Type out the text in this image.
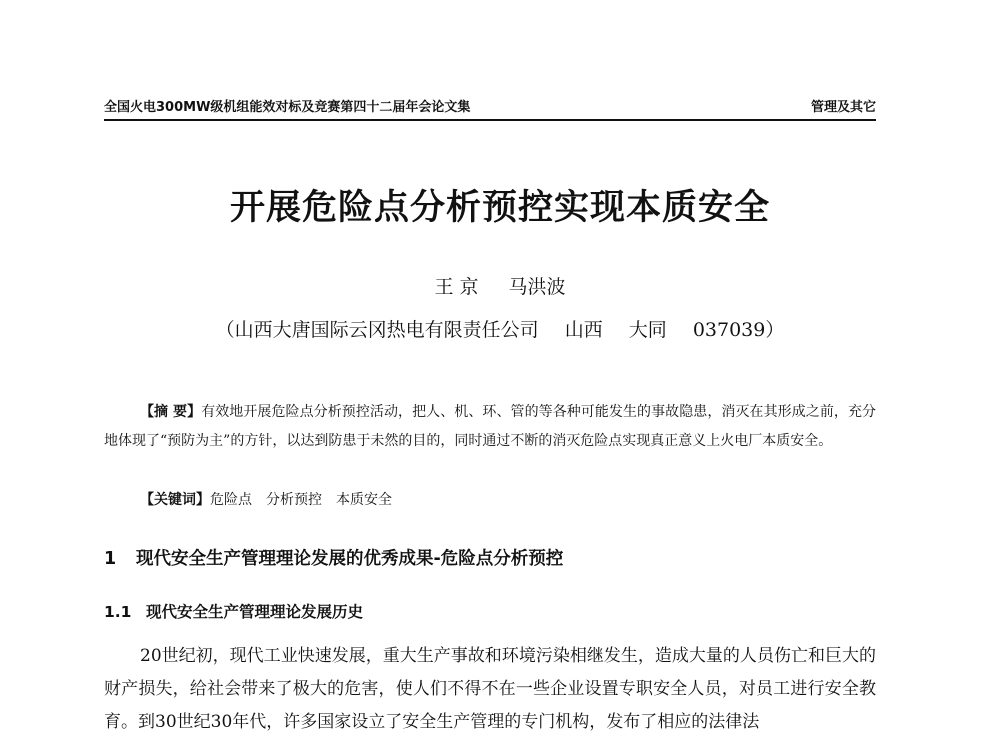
全国火电300MW级机组能效对标及竞赛第四十二届年会论文集	管理及其它
开展危险点分析预控实现本质安全
王 京 马洪波
（山西大唐国际云冈热电有限责任公司 山西 大同 037039）
【摘 要】有效地开展危险点分析预控活动，把人、机、环、管的等各种可能发生的事故隐患，消灭在其形成之前，充分地体现了“预防为主”的方针，以达到防患于未然的目的，同时通过不断的消灭危险点实现真正意义上火电厂本质安全。
【关键词】危险点 分析预控 本质安全
1 现代安全生产管理理论发展的优秀成果-危险点分析预控
1.1 现代安全生产管理理论发展历史
20世纪初，现代工业快速发展，重大生产事故和环境污染相继发生，造成大量的人员伤亡和巨大的财产损失，给社会带来了极大的危害，使人们不得不在一些企业设置专职安全人员，对员工进行安全教育。到30世纪30年代，许多国家设立了安全生产管理的专门机构，发布了相应的法律法
